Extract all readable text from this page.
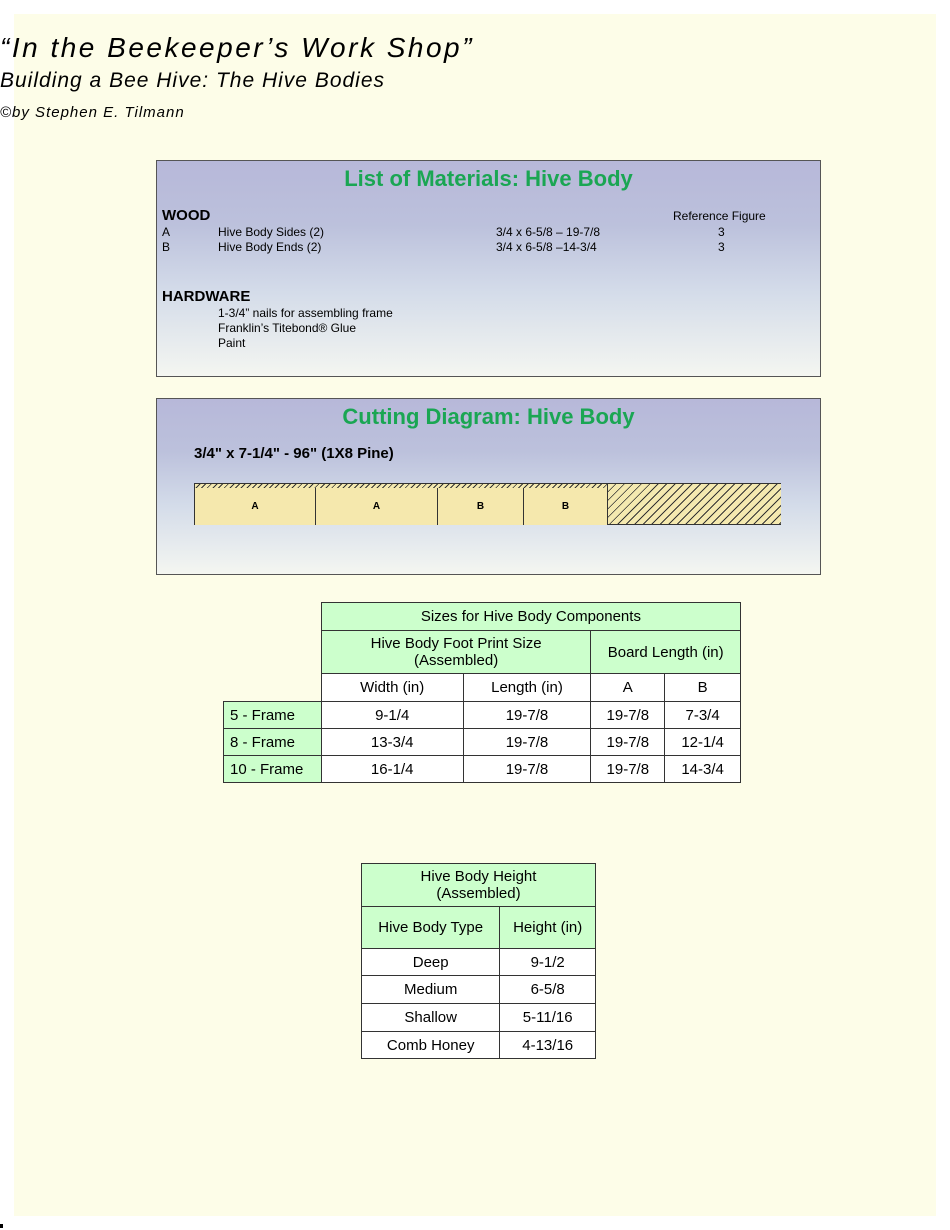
“In the Beekeeper’s Work Shop”
Building a Bee Hive: The Hive Bodies
©by Stephen E. Tilmann
List of Materials: Hive Body
WOOD	Reference Figure
A	Hive Body Sides (2)	3/4 x 6-5/8 – 19-7/8	3
B	Hive Body Ends (2)	3/4 x 6-5/8 –14-3/4	3
HARDWARE
1-3/4” nails for assembling frame
Franklin’s Titebond® Glue
Paint
Cutting Diagram: Hive Body
3/4" x 7-1/4" - 96" (1X8 Pine)
A	A	B	B
	Sizes for Hive Body Components			
	Hive Body Foot Print Size (Assembled)		Board Length (in)	
	Width (in)	Length (in)	A	B
5 - Frame	9-1/4	19-7/8	19-7/8	7-3/4
8 - Frame	13-3/4	19-7/8	19-7/8	12-1/4
10 - Frame	16-1/4	19-7/8	19-7/8	14-3/4
Hive Body Height (Assembled)	
Hive Body Type	Height (in)
Deep	9-1/2
Medium	6-5/8
Shallow	5-11/16
Comb Honey	4-13/16
